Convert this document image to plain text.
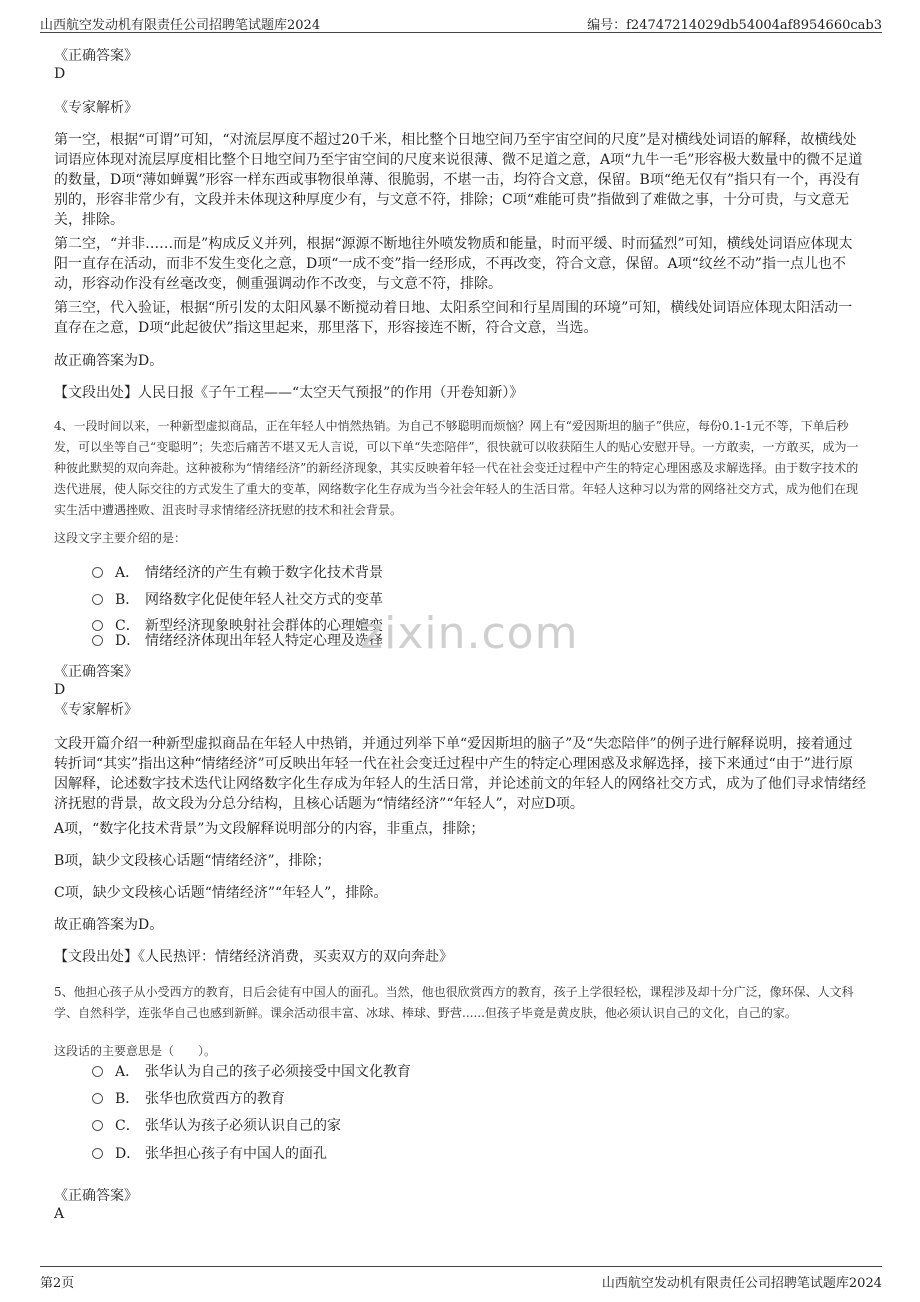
山西航空发动机有限责任公司招聘笔试题库2024	编号：f24747214029db54004af8954660cab3
《正确答案》
D
《专家解析》
第一空，根据“可谓”可知，“对流层厚度不超过20千米，相比整个日地空间乃至宇宙空间的尺度”是对横线处词语的解释，故横线处词语应体现对流层厚度相比整个日地空间乃至宇宙空间的尺度来说很薄、微不足道之意，A项“九牛一毛”形容极大数量中的微不足道的数量，D项“薄如蝉翼”形容一样东西或事物很单薄、很脆弱，不堪一击，均符合文意，保留。B项“绝无仅有”指只有一个，再没有别的，形容非常少有，文段并未体现这种厚度少有，与文意不符，排除；C项“难能可贵”指做到了难做之事，十分可贵，与文意无关，排除。
第二空，“并非……而是”构成反义并列，根据“源源不断地往外喷发物质和能量，时而平缓、时而猛烈”可知，横线处词语应体现太阳一直存在活动，而非不发生变化之意，D项“一成不变”指一经形成，不再改变，符合文意，保留。A项“纹丝不动”指一点儿也不动，形容动作没有丝毫改变，侧重强调动作不改变，与文意不符，排除。
第三空，代入验证，根据“所引发的太阳风暴不断搅动着日地、太阳系空间和行星周围的环境”可知，横线处词语应体现太阳活动一直存在之意，D项“此起彼伏”指这里起来，那里落下，形容接连不断，符合文意，当选。
故正确答案为D。
【文段出处】人民日报《子午工程——“太空天气预报”的作用（开卷知新）》
4、一段时间以来，一种新型虚拟商品，正在年轻人中悄然热销。为自己不够聪明而烦恼？网上有“爱因斯坦的脑子”供应，每份0.1-1元不等，下单后秒发，可以坐等自己“变聪明”；失恋后痛苦不堪又无人言说，可以下单“失恋陪伴”，很快就可以收获陌生人的贴心安慰开导。一方敢卖，一方敢买，成为一种彼此默契的双向奔赴。这种被称为“情绪经济”的新经济现象，其实反映着年轻一代在社会变迁过程中产生的特定心理困惑及求解选择。由于数字技术的迭代进展，使人际交往的方式发生了重大的变革，网络数字化生存成为当今社会年轻人的生活日常。年轻人这种习以为常的网络社交方式，成为他们在现实生活中遭遇挫败、沮丧时寻求情绪经济抚慰的技术和社会背景。
这段文字主要介绍的是：
A． 情绪经济的产生有赖于数字化技术背景
B． 网络数字化促使年轻人社交方式的变革
C． 新型经济现象映射社会群体的心理嬗变
D． 情绪经济体现出年轻人特定心理及选择
zixin.com
《正确答案》
D
《专家解析》
文段开篇介绍一种新型虚拟商品在年轻人中热销，并通过列举下单“爱因斯坦的脑子”及“失恋陪伴”的例子进行解释说明，接着通过转折词“其实”指出这种“情绪经济”可反映出年轻一代在社会变迁过程中产生的特定心理困惑及求解选择，接下来通过“由于”进行原因解释，论述数字技术迭代让网络数字化生存成为年轻人的生活日常，并论述前文的年轻人的网络社交方式，成为了他们寻求情绪经济抚慰的背景，故文段为分总分结构，且核心话题为“情绪经济”“年轻人”，对应D项。
A项，“数字化技术背景”为文段解释说明部分的内容，非重点，排除；
B项，缺少文段核心话题“情绪经济”，排除；
C项，缺少文段核心话题“情绪经济”“年轻人”，排除。
故正确答案为D。
【文段出处】《人民热评：情绪经济消费，买卖双方的双向奔赴》
5、他担心孩子从小受西方的教育，日后会徒有中国人的面孔。当然，他也很欣赏西方的教育，孩子上学很轻松，课程涉及却十分广泛，像环保、人文科学、自然科学，连张华自己也感到新鲜。课余活动很丰富、冰球、棒球、野营......但孩子毕竟是黄皮肤，他必须认识自己的文化，自己的家。
这段话的主要意思是（　　）。
A． 张华认为自己的孩子必须接受中国文化教育
B． 张华也欣赏西方的教育
C． 张华认为孩子必须认识自己的家
D． 张华担心孩子有中国人的面孔
《正确答案》
A
第2页	山西航空发动机有限责任公司招聘笔试题库2024
